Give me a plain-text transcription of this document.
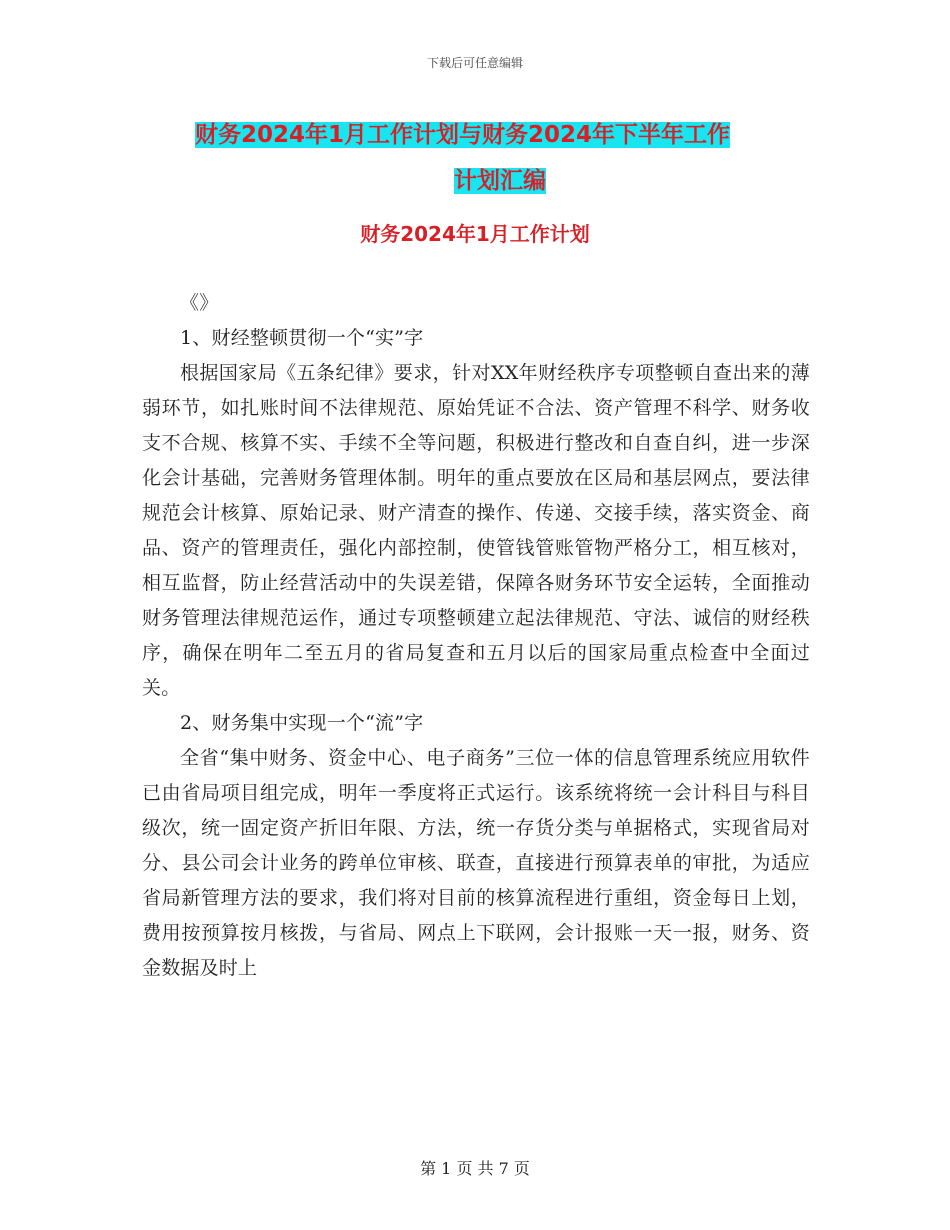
下载后可任意编辑
财务2024年1月工作计划与财务2024年下半年工作
计划汇编
财务2024年1月工作计划

《》

1、财经整顿贯彻一个“实”字

根据国家局《五条纪律》要求，针对XX年财经秩序专项整顿自查出来的薄弱环节，如扎账时间不法律规范、原始凭证不合法、资产管理不科学、财务收支不合规、核算不实、手续不全等问题，积极进行整改和自查自纠，进一步深化会计基础，完善财务管理体制。明年的重点要放在区局和基层网点，要法律规范会计核算、原始记录、财产清查的操作、传递、交接手续，落实资金、商品、资产的管理责任，强化内部控制，使管钱管账管物严格分工，相互核对，相互监督，防止经营活动中的失误差错，保障各财务环节安全运转，全面推动财务管理法律规范运作，通过专项整顿建立起法律规范、守法、诚信的财经秩序，确保在明年二至五月的省局复查和五月以后的国家局重点检查中全面过关。

2、财务集中实现一个“流”字

全省“集中财务、资金中心、电子商务”三位一体的信息管理系统应用软件已由省局项目组完成，明年一季度将正式运行。该系统将统一会计科目与科目级次，统一固定资产折旧年限、方法，统一存货分类与单据格式，实现省局对分、县公司会计业务的跨单位审核、联查，直接进行预算表单的审批，为适应省局新管理方法的要求，我们将对目前的核算流程进行重组，资金每日上划，费用按预算按月核拨，与省局、网点上下联网，会计报账一天一报，财务、资金数据及时上

第 1 页 共 7 页
